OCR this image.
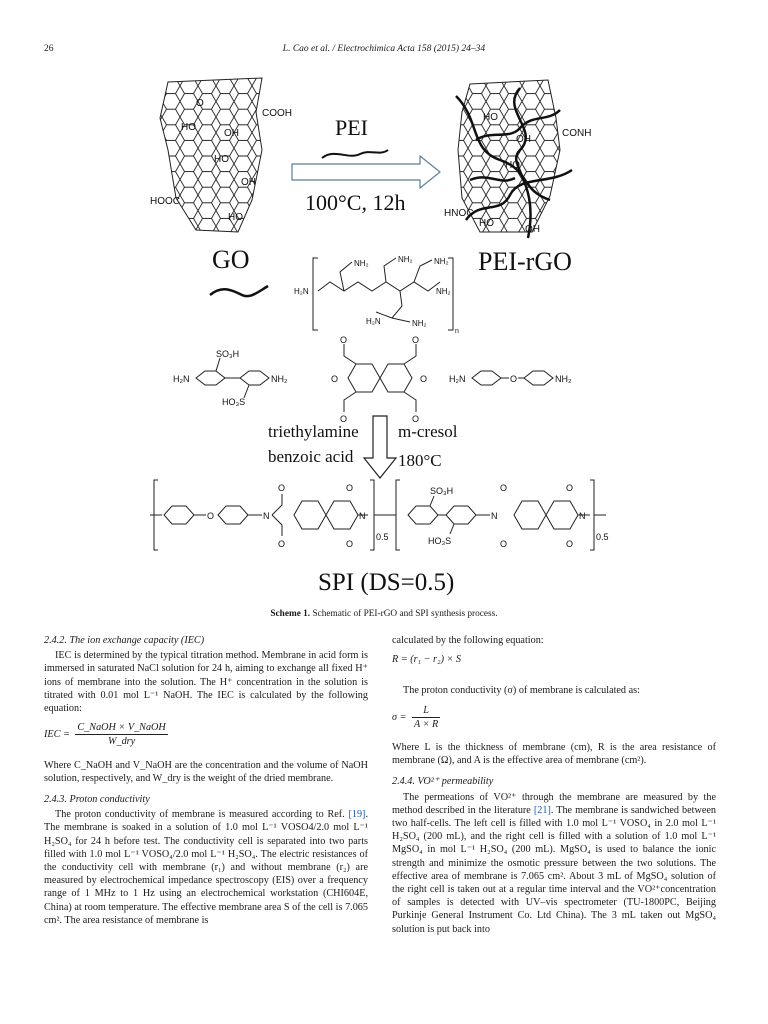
26	L. Cao et al. / Electrochimica Acta 158 (2015) 24–34
COOH
HOOC
HO
HO
HO
OH
OH
O
GO
PEI
100°C, 12h
CONH
HNOC
HO
HO
HO
OH
OH
PEI-rGO
H₂N
NH₂	NH₂	NH₂
NH₂
H₂N	NH₂
n
H₂N	NH₂
SO₃H
HO₃S
O	O
O	O
O	O
H₂N	O	NH₂
triethylamine
benzoic acid
m-cresol
180°C
O	N	N	N	N
O
O
O
O
O
O
O
O
SO₃H
HO₃S
0.5	0.5
SPI (DS=0.5)
Scheme 1. Schematic of PEI-rGO and SPI synthesis process.

2.4.2. The ion exchange capacity (IEC)

IEC is determined by the typical titration method. Membrane in acid form is immersed in saturated NaCl solution for 24 h, aiming to exchange all fixed H⁺ ions of membrane into the solution. The H⁺ concentration in the solution is titrated with 0.01 mol L⁻¹ NaOH. The IEC is calculated by the following equation:

IEC = $\frac{\text{C\_NaOH × V\_NaOH}}{\text{W\_dry}}$

Where C_NaOH and V_NaOH are the concentration and the volume of NaOH solution, respectively, and W_dry is the weight of the dried membrane.

2.4.3. Proton conductivity

The proton conductivity of membrane is measured according to Ref. [19]. The membrane is soaked in a solution of 1.0 mol L⁻¹ VOSO4/2.0 mol L⁻¹ H₂SO₄ for 24 h before test. The conductivity cell is separated into two parts filled with 1.0 mol L⁻¹ VOSO₄/2.0 mol L⁻¹ H₂SO₄. The electric resistances of the conductivity cell with membrane (r₁) and without membrane (r₂) are measured by electrochemical impedance spectroscopy (EIS) over a frequency range of 1 MHz to 1 Hz using an electrochemical workstation (CHI604E, China) at room temperature. The effective membrane area S of the cell is 7.065 cm². The area resistance of membrane is

calculated by the following equation:

R = (r₁ − r₂) × S

The proton conductivity (σ) of membrane is calculated as:

$\sigma = \frac{L}{A \times R}$

Where L is the thickness of membrane (cm), R is the area resistance of membrane (Ω), and A is the effective area of membrane (cm²).

2.4.4. VO²⁺ permeability

The permeations of VO²⁺ through the membrane are measured by the method described in the literature [21]. The membrane is sandwiched between two half-cells. The left cell is filled with 1.0 mol L⁻¹ VOSO₄ in 2.0 mol L⁻¹ H₂SO₄ (200 mL), and the right cell is filled with a solution of 1.0 mol L⁻¹ MgSO₄ in mol L⁻¹ H₂SO₄ (200 mL). MgSO₄ is used to balance the ionic strength and minimize the osmotic pressure between the two solutions. The effective area of membrane is 7.065 cm². About 3 mL of MgSO₄ solution of the right cell is taken out at a regular time interval and the VO²⁺concentration of samples is detected with UV–vis spectrometer (TU-1800PC, Beijing Purkinje General Instrument Co. Ltd China). The 3 mL taken out MgSO₄ solution is put back into
